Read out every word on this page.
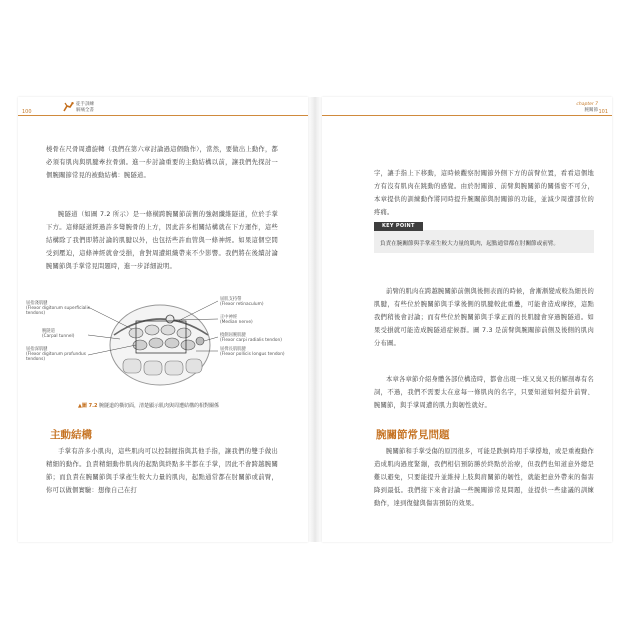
100
徒手訓練
解痛全書
橈骨在尺骨周遭旋轉（我們在第六章討論過這個動作），當然，要做出上動作，都必須有肌肉與肌腱牽拉骨頭。進一步討論重要的主動結構以前，讓我們先探討一個腕關節常見的被動結構：腕隧道。
腕隧道（如圖 7.2 所示）是一條橫跨腕關節前側的強韌纖維隧道，位於手掌下方。這條隧道經過許多彎腕骨的上方，因此許多相關結構就在下方運作，這些結構除了我們即將討論的肌腱以外，也包括些許血管與一條神經。如果這個空間受到壓迫，這條神經就會受損，會對周遭組織帶來不少影響。我們將在後續討論腕關節與手掌常見問題時，進一步詳細說明。
屈指淺肌腱
(Flexor digitorum superficialis tendons)
腕隧道
(Carpal tunnel)
屈指深肌腱
(Flexor digitorum profundus tendons)
屈肌支持帶
(Flexor retinaculum)
正中神經
(Median nerve)
橈側屈腕肌腱
(Flexor carpi radialis tendon)
屈拇長肌肌腱
(Flexor pollicis longus tendon)
▲圖 7.2 腕隧道的橫切面，清楚顯示肌肉與周遭結構的相對關係
主動結構
手掌有許多小肌肉，這些肌肉可以控制握指與其他手指，讓我們的雙手做出精細的動作。負責精細動作肌肉的起點與終點多半都在手掌，因此不會跨越腕關節；而負責在腕關節與手掌產生較大力量的肌肉，起點通常都在肘關節或前臂，你可以做個實驗：想像自己在打
101
chapter 7
腕關節
字，讓手指上下移動，這時候觀察肘關節外側下方的前臂位置，看看這個地方有沒有肌肉在跳動的感覺。由於肘關節、前臂與腕關節的關係密不可分，本章提供的訓練動作將同時提升腕關節與肘關節的功能，並減少周遭部位的疼痛。
KEY POINT
負責在腕關節與手掌產生較大力量的肌肉，起點通常都在肘關節或前臂。
前臂的肌肉在跨越腕關節前側與後側表面的時候，會漸漸變成較為細長的肌腱，有些位於腕關節與手掌後側的肌腱較此重疊，可能會造成摩擦，這點我們稍後會討論；而有些位於腕關節與手掌正面的長肌腱會穿過腕隧道。如果受損就可能造成腕隧道症候群。圖 7.3 是前臂與腕關節前側及後側的肌肉分布圖。
本章各章節介紹身體各部位構造時，都會出現一堆又臭又長的解剖專有名詞，不過，我們不需要太在意每一條肌肉的名字，只要知道如何提升前臂、腕關節，與手掌周遭的肌力與韌性就好。
腕關節常見問題
腕關節和手掌受傷的原因很多，可能是跌倒時用手掌撐地，或是重複動作造成肌肉過度緊繃，我們相信預防勝於終點於治療，但我們也知道意外總是難以避免，只要能提升並維持上肢與肩關節的韌性，就能把意外帶來的傷害降到最低。我們接下來會討論一些腕關節常見問題，並提供一些建議的訓練動作，達到復健與傷害預防的效果。
